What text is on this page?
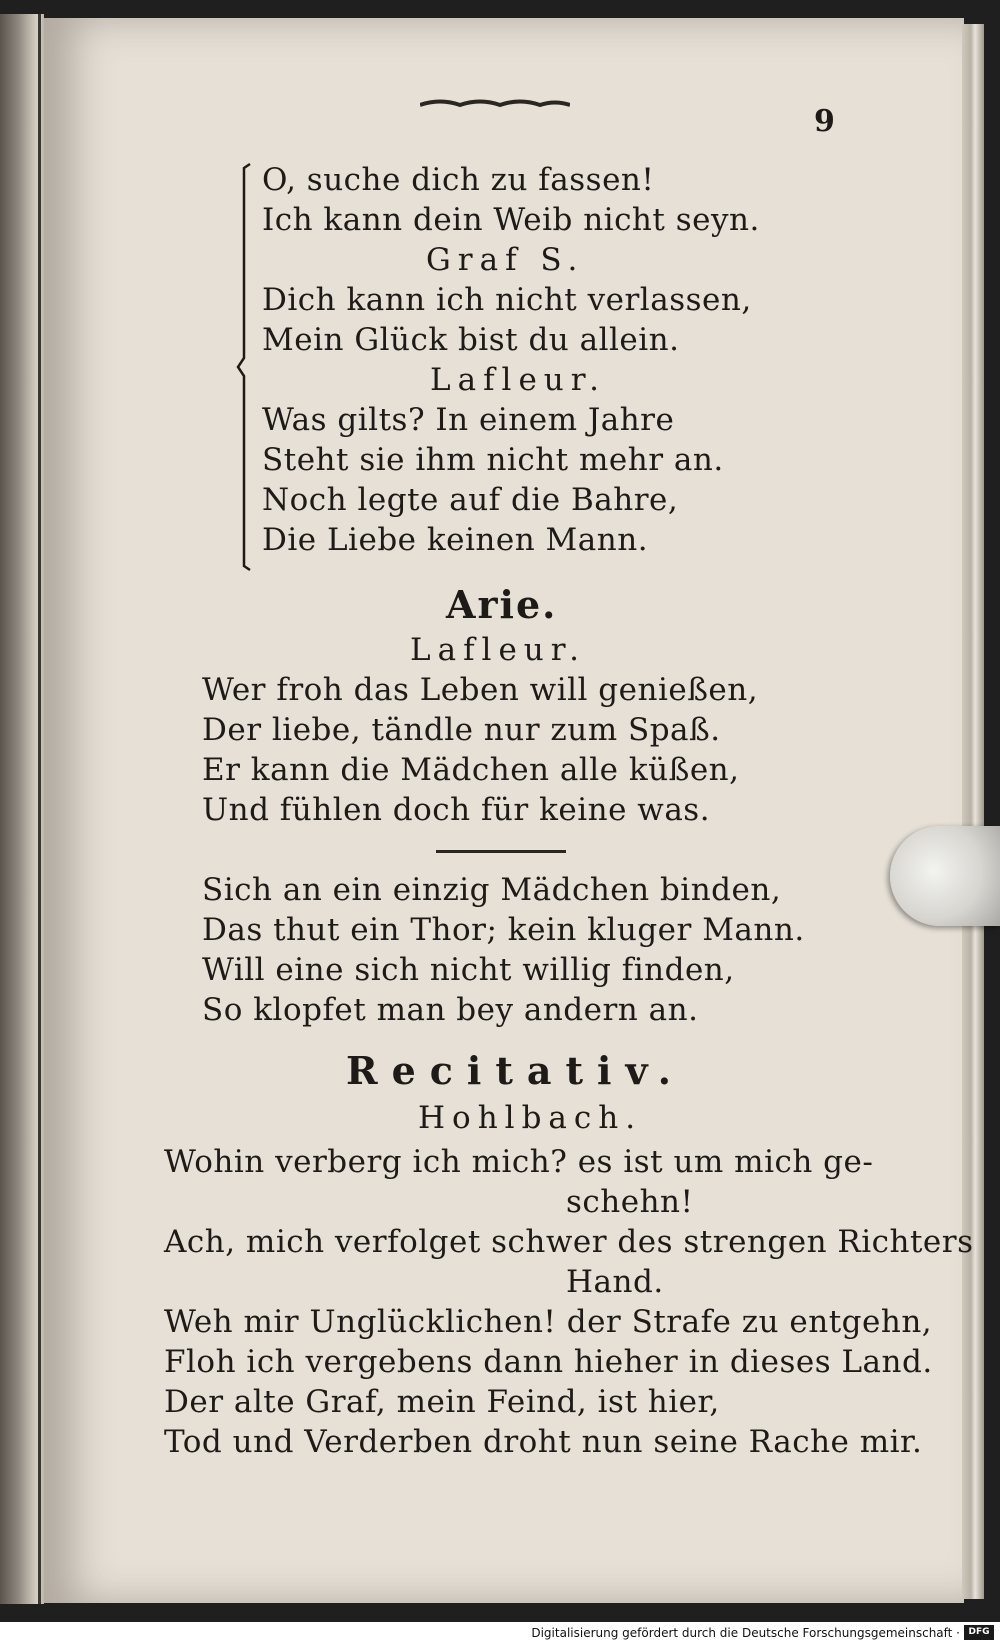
9
O, suche dich zu fassen!
Ich kann dein Weib nicht seyn.
Graf S.
Dich kann ich nicht verlassen,
Mein Glück bist du allein.
Lafleur.
Was gilts? In einem Jahre
Steht sie ihm nicht mehr an.
Noch legte auf die Bahre,
Die Liebe keinen Mann.
Arie.
Lafleur.
Wer froh das Leben will genießen,
Der liebe, tändle nur zum Spaß.
Er kann die Mädchen alle küßen,
Und fühlen doch für keine was.
Sich an ein einzig Mädchen binden,
Das thut ein Thor; kein kluger Mann.
Will eine sich nicht willig finden,
So klopfet man bey andern an.
Recitativ.
Hohlbach.
Wohin verberg ich mich? es ist um mich ge-
schehn!
Ach, mich verfolget schwer des strengen Richters
Hand.
Weh mir Unglücklichen! der Strafe zu entgehn,
Floh ich vergebens dann hieher in dieses Land.
Der alte Graf, mein Feind, ist hier,
Tod und Verderben droht nun seine Rache mir.
Digitalisierung gefördert durch die Deutsche Forschungsgemeinschaft · DFG
